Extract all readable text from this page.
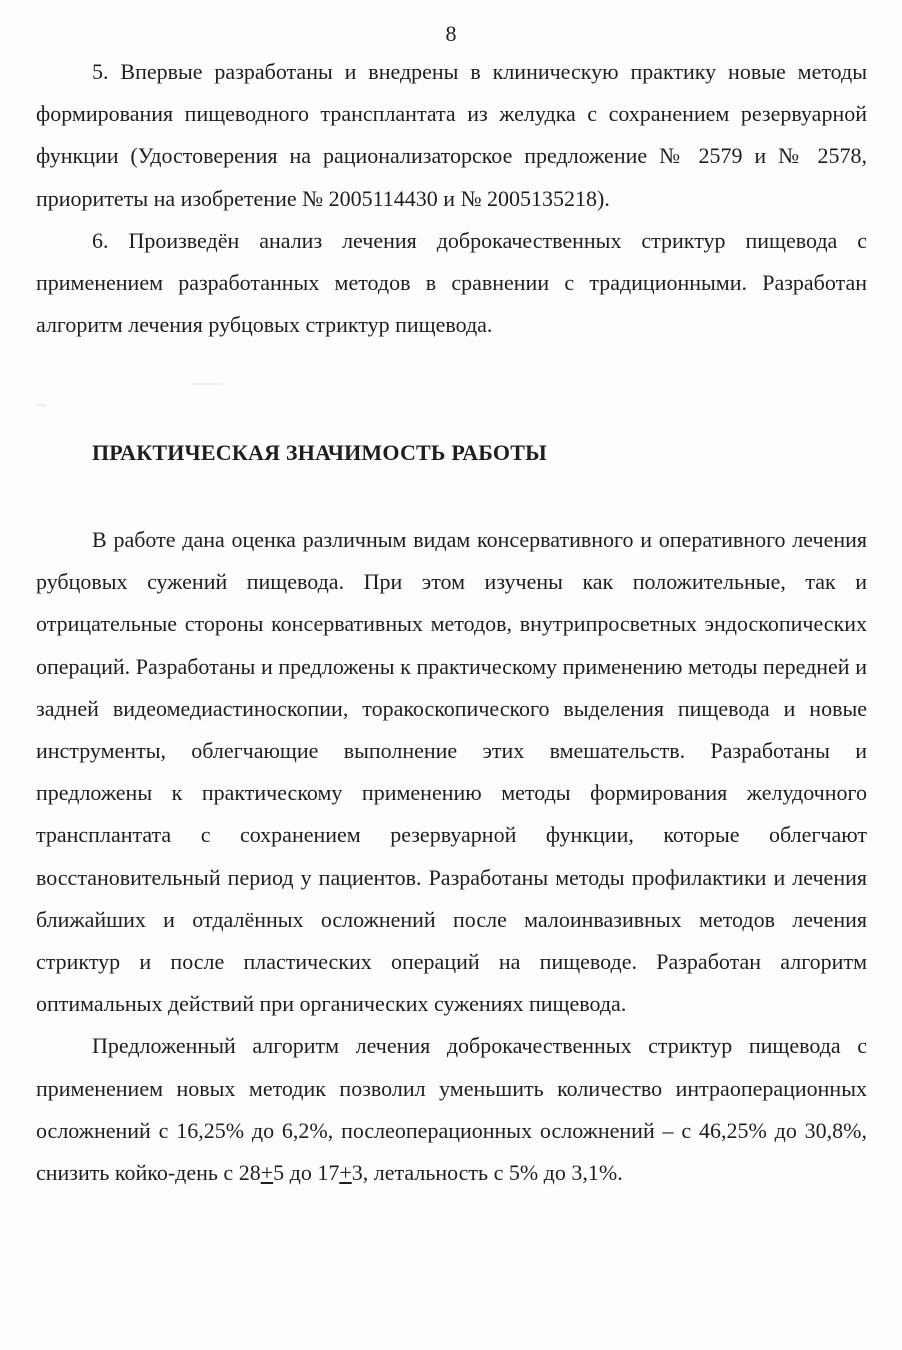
8

5. Впервые разработаны и внедрены в клиническую практику новые методы формирования пищеводного трансплантата из желудка с сохранением резервуарной функции (Удостоверения на рационализаторское предложение № 2579 и № 2578, приоритеты на изобретение № 2005114430 и № 2005135218).

6. Произведён анализ лечения доброкачественных стриктур пищевода с применением разработанных методов в сравнении с традиционными. Разработан алгоритм лечения рубцовых стриктур пищевода.

ПРАКТИЧЕСКАЯ ЗНАЧИМОСТЬ РАБОТЫ

В работе дана оценка различным видам консервативного и оперативного лечения рубцовых сужений пищевода. При этом изучены как положительные, так и отрицательные стороны консервативных методов, внутрипросветных эндоскопических операций. Разработаны и предложены к практическому применению методы передней и задней видеомедиастиноскопии, торакоскопического выделения пищевода и новые инструменты, облегчающие выполнение этих вмешательств. Разработаны и предложены к практическому применению методы формирования желудочного трансплантата с сохранением резервуарной функции, которые облегчают восстановительный период у пациентов. Разработаны методы профилактики и лечения ближайших и отдалённых осложнений после малоинвазивных методов лечения стриктур и после пластических операций на пищеводе. Разработан алгоритм оптимальных действий при органических сужениях пищевода.

Предложенный алгоритм лечения доброкачественных стриктур пищевода с применением новых методик позволил уменьшить количество интраоперационных осложнений с 16,25% до 6,2%, послеоперационных осложнений – с 46,25% до 30,8%, снизить койко-день с 28+5 до 17+3, летальность с 5% до 3,1%.
